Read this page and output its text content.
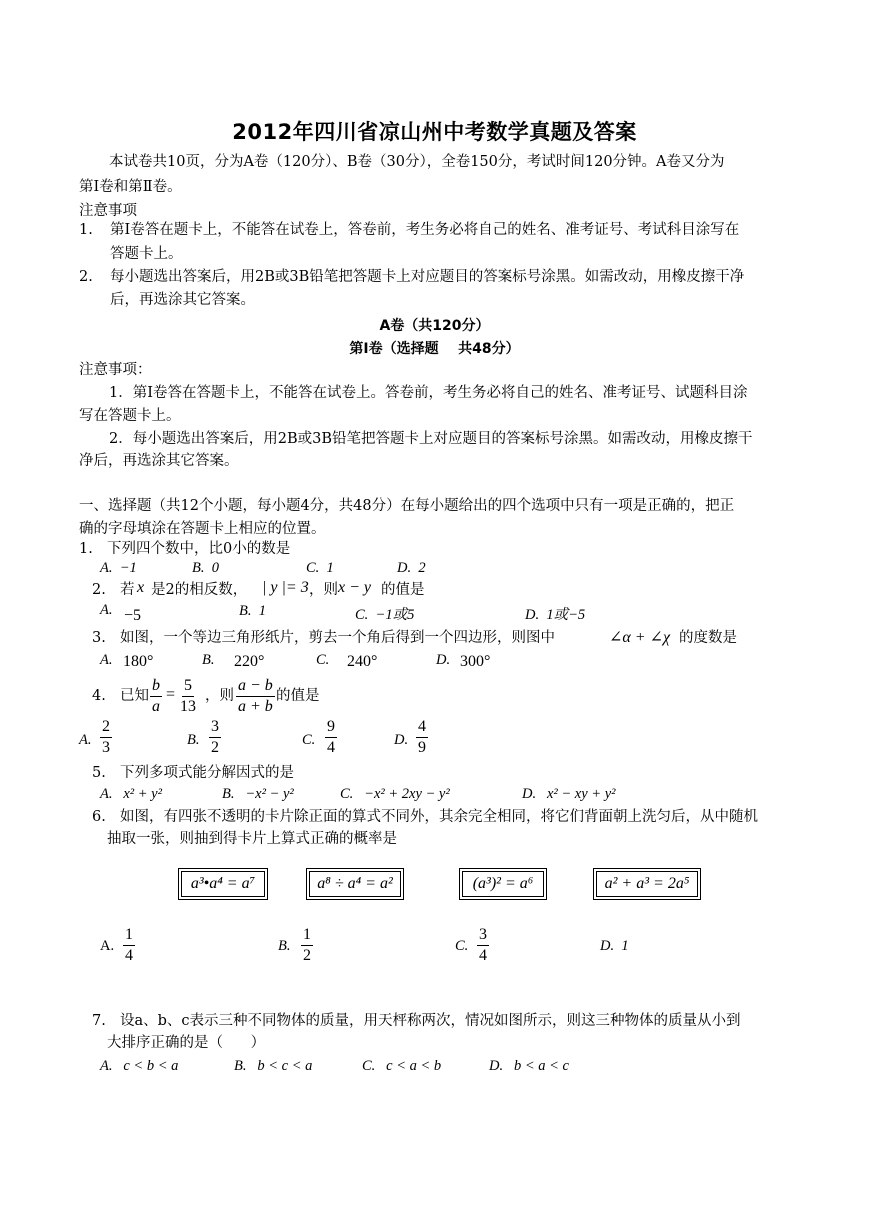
2012年四川省凉山州中考数学真题及答案
本试卷共10页，分为A卷（120分）、B卷（30分），全卷150分，考试时间120分钟。A卷又分为
第Ⅰ卷和第Ⅱ卷。
注意事项
1. 第Ⅰ卷答在题卡上，不能答在试卷上，答卷前，考生务必将自己的姓名、准考证号、考试科目涂写在
答题卡上。
2. 每小题选出答案后，用2B或3B铅笔把答题卡上对应题目的答案标号涂黑。如需改动，用橡皮擦干净
后，再选涂其它答案。
A卷（共120分）
第Ⅰ卷（选择题    共48分）
注意事项：
1．第Ⅰ卷答在答题卡上，不能答在试卷上。答卷前，考生务必将自己的姓名、准考证号、试题科目涂
写在答题卡上。
2．每小题选出答案后，用2B或3B铅笔把答题卡上对应题目的答案标号涂黑。如需改动，用橡皮擦干
净后，再选涂其它答案。
一、选择题（共12个小题，每小题4分，共48分）在每小题给出的四个选项中只有一项是正确的，把正
确的字母填涂在答题卡上相应的位置。
1. 下列四个数中，比0小的数是
A.  −1	B.  0	C.  1	D.  2
2. 若 x 是2的相反数， | y |= 3 ，则 x − y 的值是
A. −5	B.  1	C.  −1或5	D.  1或−5
3. 如图，一个等边三角形纸片，剪去一个角后得到一个四边形，则图中	∠α + ∠χ 的度数是
A. 180°	B. 220°	C. 240°	D. 300°
4. 已知 $\frac{b}{a} = \frac{5}{13}$ ，则 $\frac{a - b}{a + b}$ 的值是
A. $\frac{2}{3}$	B. $\frac{3}{2}$	C. $\frac{9}{4}$	D. $\frac{4}{9}$
5. 下列多项式能分解因式的是
A.   x² + y²	B.   −x² − y²	C.   −x² + 2xy − y²	D.   x² − xy + y²
6. 如图，有四张不透明的卡片除正面的算式不同外，其余完全相同，将它们背面朝上洗匀后，从中随机
抽取一张，则抽到得卡片上算式正确的概率是
a³•a⁴ = a⁷	a⁸ ÷ a⁴ = a²	(a³)² = a⁶	a² + a³ = 2a⁵
A. $\frac{1}{4}$	B. $\frac{1}{2}$	C. $\frac{3}{4}$	D.  1
7. 设a、b、c表示三种不同物体的质量，用天枰称两次，情况如图所示，则这三种物体的质量从小到
大排序正确的是（      ）
A.   c < b < a	B.   b < c < a	C.   c < a < b	D.   b < a < c
